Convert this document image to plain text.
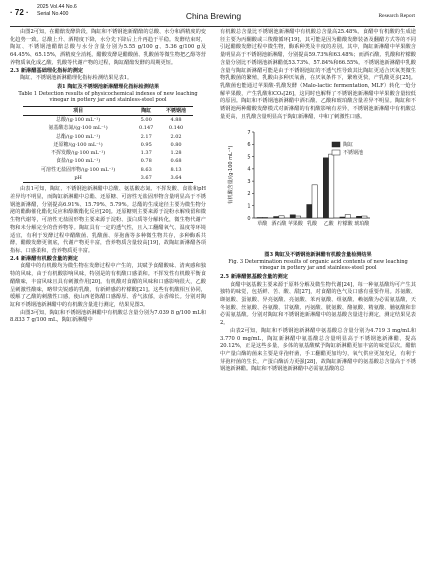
2025 Vol.44 No.6
Serial No.400
· 72 ·	China Brewing	Research Report

由图2可知，在醋醅发酵阶段，陶缸和不锈钢池新醋醅的总酸、水分和酒精度的变化趋势一致。总酸上升、酒精度下降，水分先下降后上升再趋于平稳。发酵结束时，陶缸、不锈钢池醋醅总酸与水分含量分别为5.55 g/100 g、5.36 g/100 g及64.45%、65.15%，酒精度全消耗。醋酸发酵是醋酸菌、乳酸菌等微生物把乙醇等营养物质氧化成乙酸、乳酸等代谢产物的过程，陶缸醋醅发酵的周期更短。

2.3 新淋醋基础理化指标的测定

陶缸、不锈钢池新淋醋理化指标检测结果见表1。

表1 陶缸及不锈钢池新淋醋理化指标检测结果
Table 1 Detection results of physicochemical indexes of new leaching vinegar in pottery jar and stainless-steel pool
项目	陶缸	不锈钢池
总酸/(g·100 mL⁻¹)	5.00	4.88
氨基酸态氮/(g·100 mL⁻¹)	0.147	0.140
总酯/(g·100 mL⁻¹)	2.17	2.02
还原糖/(g·100 mL⁻¹)	0.95	0.80
不挥发酸/(g·100 mL⁻¹)	1.37	1.28
食盐/(g·100 mL⁻¹)	0.78	0.68
可溶性无盐固形物/(g·100 mL⁻¹)	8.63	8.13
pH	3.67	3.64

由表1可知，陶缸、不锈钢池新淋醋中总酸、氨基酸态氮、不挥发酸、食盐和pH差异均不明显，而陶缸新淋醋中总酯、还原糖、可溶性无盐固形物含量明显高于不锈钢池新淋醋，分别提高6.91%、15.79%、5.79%。总酯的生成途径主要为微生物分泌的酯酶催化酯化反应和醇酸酯化反应[20]。还原糖则主要来源于淀粉水解残留和微生物代谢等，可溶性无盐固形物主要来源于淀粉、蛋白质等分解转化，微生物代谢产物和未分解完全的营养物等。陶缸具有一定的透气性，且入工翻醋氧气、温度等环境适宜，有利于发酵过程中醋酸菌、乳酸菌、芽孢菌等多种微生物共存，多种酶系共酵，醋酸发酵更彻底，代谢产物更丰富，营养物质含量较高[19]，故陶缸新淋醋各项指标、口感柔和，营养物质更丰富。

2.4 新淋醋有机酸含量的测定

食醋中的有机酸均为微生物在发酵过程中产生的，其赋予食醋酸味、清爽感和独特的风味，由于有机酸影响风味，特别是的有机酸口感柔和。不挥发性有机酸平衡食醋酸味，丰富风味且具有刺激作用[20]。有机酸对食醋的风味和口感影响很大，乙酸呈刺激性酸味，略带尖锐感的乳酸，有新鲜感的柠檬酸[21]。这些有机酸相互协同，缓解了乙酸的刺激性口感，使山西老陈醋口感醇厚、香气浓郁，余香绵长。分别对陶缸和不锈钢池新淋醋中的有机酸含量进行测定，结果见图3。

由图3可知，陶缸和不锈钢池新淋醋中有机酸总含量分别为7.039 8 g/100 mL和8.833 7 g/100 mL，陶缸新淋醋中

有机酸总含量比不锈钢池新淋醋中有机酸总含量高25.48%。食醋中有机酸的生成途径主要为丙酮酸或三羧酸循环[19]，其可能是因为醋酸发酵装备及翻醋方式等的不同引起醋酸发酵过程中微生物，酶系种类及丰度的差别。其中，陶缸新淋醋中苹果酸含量明显高于不锈钢池新淋醋，分别提高59.73%和63.48%；而酒石酸、乳酸和柠檬酸含量分别比不锈钢池新淋醋低53.73%、57.84%和66.55%。不锈钢池新淋醋中乳酸含量与陶缸新淋醋可能是由于不锈钢池缸的不透气性导致其比陶缸更适合厌氧类微生物乳酸菌的繁殖，乳酸由多种厌氧菌，在厌氧条件下，繁殖更快，产乳酸更多[25]。乳酸菌也能通过苹果酸-乳酸发酵（Malo-lactic fermentation, MLF）转化一炝分解苹果酸，产生乳酸和CO₂[26]，这同时也解释了不锈钢池新淋醋中苹果酸含量较低的原因。陶缸和不锈钢池新淋醋中酒石酸、乙酸和琥珀酸含量差异不明显。陶缸和不锈钢池两种醋酸发酵模式对新淋醋的有机酸影响有差异，不锈钢池新淋醋中有机酸总量更高，且乳酸含量明显高于陶缸新淋醋，中和了刺激性口感。

0
1
2
3
4
5
6
7
有机酸含量/(g·100 mL⁻¹)
草酸 酒石酸 苹果酸 乳酸 乙酸 柠檬酸 琥珀酸
陶缸
不锈钢池
图3 陶缸及不锈钢池新淋醋有机酸含量检测结果
Fig. 3 Determination results of organic acid contents of new leaching vinegar in pottery jar and stainless-steel pool

2.5 新淋醋氨基酸含量的测定

食醋中氨基酸主要来源于原料分解及微生物代谢[24]，每一种氨基酸均可产生其独特的味觉，包括鲜、苦、酸、甜[27]，对食醋的色气及口感有重要作用。苏氨酸、缬氨酸、蛋氨酸、异亮氨酸、亮氨酸、苯丙氨酸、组氨酸、赖氨酸为必需氨基酸，天冬氨酸、丝氨酸、谷氨酸、甘氨酸、丙氨酸、胱氨酸、酪氨酸、精氨酸、脯氨酸和非必需氨基酸。分别对陶缸和不锈钢池新淋醋中的氨基酸含量进行测定，测定结果见表2。

由表2可知，陶缸和不锈钢池新淋醋中氨基酸总含量分别为4.719 3 mg/mL和3.770 0 mg/mL，陶缸新淋醋中氨基酸总含量明显高于不锈钢池新淋醋，提高20.12%，正是这些多量，多体的氨基酸赋予陶缸新淋醋更加丰富的味觉层次。醋醅中产量白酶的菌来主要是芽孢杆菌，手工翻醋更加均匀，氧气供应更加充足，有利于芽孢杆菌的生长，产蛋白酶活力更强[28]，故陶缸新淋醋中的氨基酸总含量高于不锈钢池新淋醋。陶缸和不锈钢池新淋醋中必需氨基酸的总
